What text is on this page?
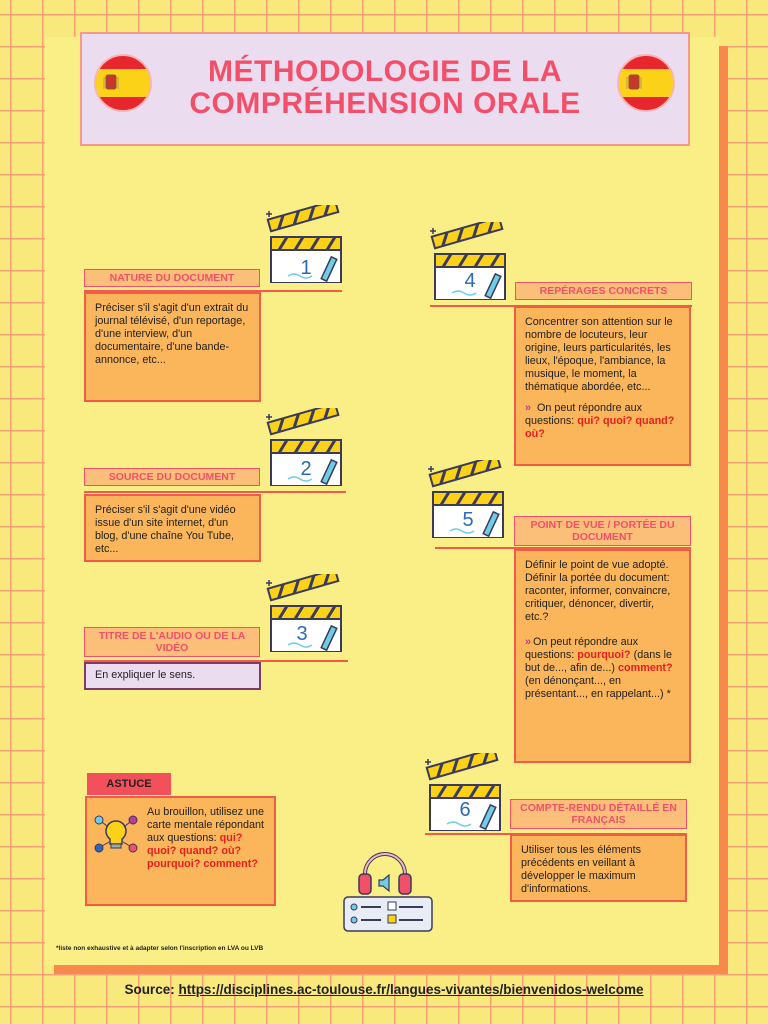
MÉTHODOLOGIE DE LA
COMPRÉHENSION ORALE
1
4
2
5
3
6
NATURE DU DOCUMENT
Préciser s'il s'agit d'un extrait du journal télévisé, d'un reportage, d'une interview, d'un documentaire, d'une bande-annonce, etc...
SOURCE DU DOCUMENT
Préciser s'il s'agit d'une vidéo issue d'un site internet, d'un blog, d'une chaîne You Tube, etc...
TITRE DE L'AUDIO OU DE LA VIDÉO
En expliquer le sens.
REPÉRAGES CONCRETS
Concentrer son attention sur le nombre de locuteurs, leur origine, leurs particularités, les lieux, l'époque, l'ambiance, la musique, le moment, la thématique abordée, etc...
» On peut répondre aux questions: qui? quoi? quand? où?
POINT DE VUE / PORTÉE DU DOCUMENT
Définir le point de vue adopté.
Définir la portée du document: raconter, informer, convaincre, critiquer, dénoncer, divertir, etc.?
» On peut répondre aux questions: pourquoi? (dans le but de..., afin de...) comment? (en dénonçant..., en présentant..., en rappelant...) *
COMPTE-RENDU DÉTAILLÉ EN FRANÇAIS
Utiliser tous les éléments précédents en veillant à développer le maximum d'informations.
ASTUCE
Au brouillon, utilisez une carte mentale répondant aux questions: qui? quoi? quand? où? pourquoi? comment?
*liste non exhaustive et à adapter selon l'inscription en LVA ou LVB
Source: https://disciplines.ac-toulouse.fr/langues-vivantes/bienvenidos-welcome
